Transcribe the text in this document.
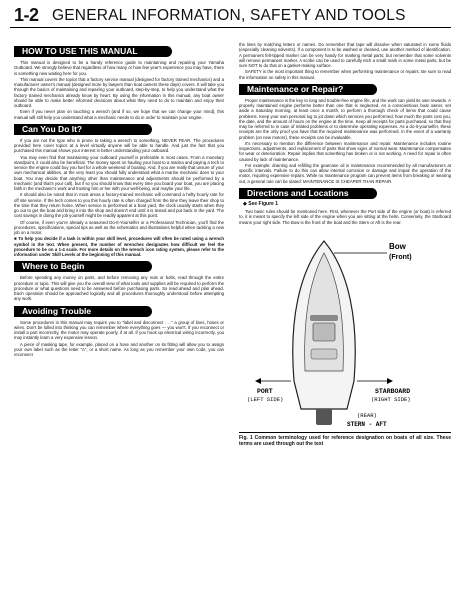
1-2 GENERAL INFORMATION, SAFETY AND TOOLS
HOW TO USE THIS MANUAL

This manual is designed to be a handy reference guide to maintaining and repairing your Yamaha Outboard. We strongly believe that regardless of how many or how few year's experience you may have, there is something new waiting here for you.

This manual covers the topics that a factory service manual (designed for factory trained mechanics) and a manufacturer owner's manual (designed more by lawyers than boat owners these days) covers. It will take you through the basics of maintaining and repairing your outboard, step-by-step, to help you understand what the factory trained mechanics already know by heart. By using the information in this manual, any boat owner should be able to make better informed decisions about what they need to do to maintain and enjoy their outboard.

Even if you never plan on touching a wrench (and if so, we hope that we can change your mind), this manual will still help you understand what a mechanic needs to do in order to maintain your engine.

Can You Do It?

If you are not the type who is prone to taking a wrench to something, NEVER FEAR. The procedures provided here cover topics at a level virtually anyone will be able to handle. And just the fact that you purchased this manual shows your interest in better understanding your outboard.

You may even find that maintaining your outboard yourself is preferable in most cases. From a monetary standpoint, it could also be beneficial. The money spent on hauling your boat to a marina and paying a tech to service the engine could buy you fuel for a whole weekend of boating. And, if you are really that unsure of your own mechanical abilities, at the very least you should fully understand what a marine mechanic does to your boat. You may decide that anything other than maintenance and adjustments should be performed by a mechanic (and that's your call), but if so you should know that every time you board your boat, you are placing faith in the mechanic's work and trusting him or her with your well-being, and maybe your life.

It should also be noted that in most areas a factory-trained mechanic will command a hefty hourly rate for off site service. If the tech comes to you this hourly rate is often charged from the time they leave their shop to the time that they return home. When service is performed at a boat yard, the clock usually starts when they go out to get the boat and bring it into the shop and doesn't end until it is tested and put back in the yard. The cost savings in doing the job yourself might be readily apparent at this point.

Of course, if even you're already a seasoned Do-It-Yourselfer or a Professional Technician, you'll find the procedures, specifications, special tips as well as the schematics and illustrations helpful when tackling a new job on a motor.

■ To help you decide if a task is within your skill level, procedures will often be rated using a wrench symbol in the text. When present, the number of wrenches designates how difficult we feel the procedure to be on a 1-4 scale. For more details on the wrench icon rating system, please refer to the information under Skill Levels at the beginning of this manual.

Where to Begin

Before spending any money on parts, and before removing any nuts or bolts, read through the entire procedure or topic. This will give you the overall view of what tools and supplies will be required to perform the procedure or what questions need to be answered before purchasing parts. So read ahead and plan ahead. Each operation should be approached logically and all procedures thoroughly understood before attempting any work.

Avoiding Trouble

Some procedures in this manual may require you to "label and disconnect . . ." a group of lines, hoses or wires. Don't be lulled into thinking you can remember where everything goes — you won't. If you reconnect or install a part incorrectly, the motor may operate poorly, if at all. If you hook up electrical wiring incorrectly, you may instantly learn a very expensive lesson.

A piece of masking tape, for example, placed on a hose and another on its fitting will allow you to assign your own label such as the letter "A", or a short name. As long as you remember your own code, you can reconnect

the lines by matching letters or names. Do remember that tape will dissolve when saturated in some fluids (especially cleaning solvents). If a component is to be washed or cleaned, use another method of identification. A permanent felt-tipped marker can be very handy for marking metal parts; but remember that some solvents will remove permanent marker. A scribe can be used to carefully etch a small mark in some metal parts, but be sure NOT to do that on a gasket-making surface.

SAFETY is the most important thing to remember when performing maintenance or repairs. Be sure to read the information on safety in this manual.

Maintenance or Repair?

Proper maintenance is the key to long and trouble-free engine life, and the work can yield its own rewards. A properly maintained engine performs better than one that is neglected. As a conscientious boat owner, set aside a Saturday morning, at least once a month, to perform a thorough check of items that could cause problems. Keep your own personal log to jot down which services you performed, how much the parts cost you, the date, and the amount of hours on the engine at the time. Keep all receipts for parts purchased, so that they may be referred to in case of related problems or to determine operating expenses. As a do-it-yourselfer, these receipts are the only proof you have that the required maintenance was performed. In the event of a warranty problem (on new motors), these receipts can be invaluable.

It's necessary to mention the difference between maintenance and repair. Maintenance includes routine inspections, adjustments, and replacement of parts that show signs of normal wear. Maintenance compensates for wear or deterioration. Repair implies that something has broken or is not working. A need for repair is often caused by lack of maintenance.

For example: draining and refilling the gearcase oil is maintenance recommended by all manufacturers at specific intervals. Failure to do this can allow internal corrosion or damage and impair the operation of the motor, requiring expensive repairs. While no maintenance program can prevent items from breaking or wearing out, a general rule can be stated: MAINTENANCE IS CHEAPER THAN REPAIR.

Directions and Locations

◆ See Figure 1

Two basic rules should be mentioned here. First, whenever the Port side of the engine (or boat) is referred to, it is meant to specify the left side of the engine when you are sitting at the helm. Conversely, the Starboard means your right side. The Bow is the front of the boat and the Stern or Aft is the rear.

Bow
(Front)
PORT
(LEFT SIDE)
STARBOARD
(RIGHT SIDE)
(REAR)
STERN - AFT

Fig. 1 Common terminology used for reference designation on boats of all size. These terms are used through out the text
